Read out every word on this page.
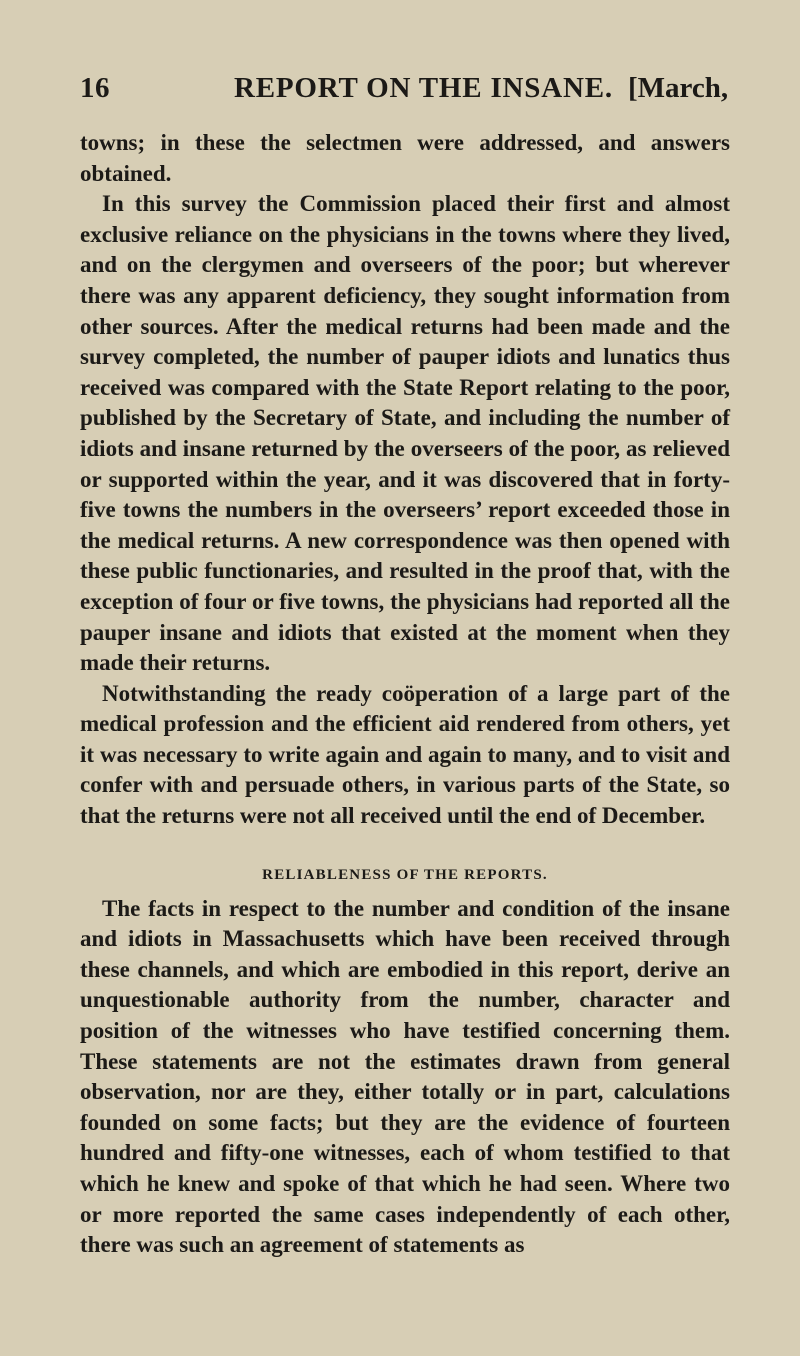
16	REPORT ON THE INSANE. [March,

towns; in these the selectmen were addressed, and answers obtained.

In this survey the Commission placed their first and almost exclusive reliance on the physicians in the towns where they lived, and on the clergymen and overseers of the poor; but wherever there was any apparent deficiency, they sought information from other sources. After the medical returns had been made and the survey completed, the number of pauper idiots and lunatics thus received was compared with the State Report relating to the poor, published by the Secretary of State, and including the number of idiots and insane returned by the overseers of the poor, as relieved or supported within the year, and it was discovered that in forty-five towns the numbers in the overseers’ report exceeded those in the medical returns. A new correspondence was then opened with these public functionaries, and resulted in the proof that, with the exception of four or five towns, the physicians had reported all the pauper insane and idiots that existed at the moment when they made their returns.

Notwithstanding the ready coöperation of a large part of the medical profession and the efficient aid rendered from others, yet it was necessary to write again and again to many, and to visit and confer with and persuade others, in various parts of the State, so that the returns were not all received until the end of December.

RELIABLENESS OF THE REPORTS.

The facts in respect to the number and condition of the insane and idiots in Massachusetts which have been received through these channels, and which are embodied in this report, derive an unquestionable authority from the number, character and position of the witnesses who have testified concerning them. These statements are not the estimates drawn from general observation, nor are they, either totally or in part, calculations founded on some facts; but they are the evidence of fourteen hundred and fifty-one witnesses, each of whom testified to that which he knew and spoke of that which he had seen. Where two or more reported the same cases independently of each other, there was such an agreement of statements as
